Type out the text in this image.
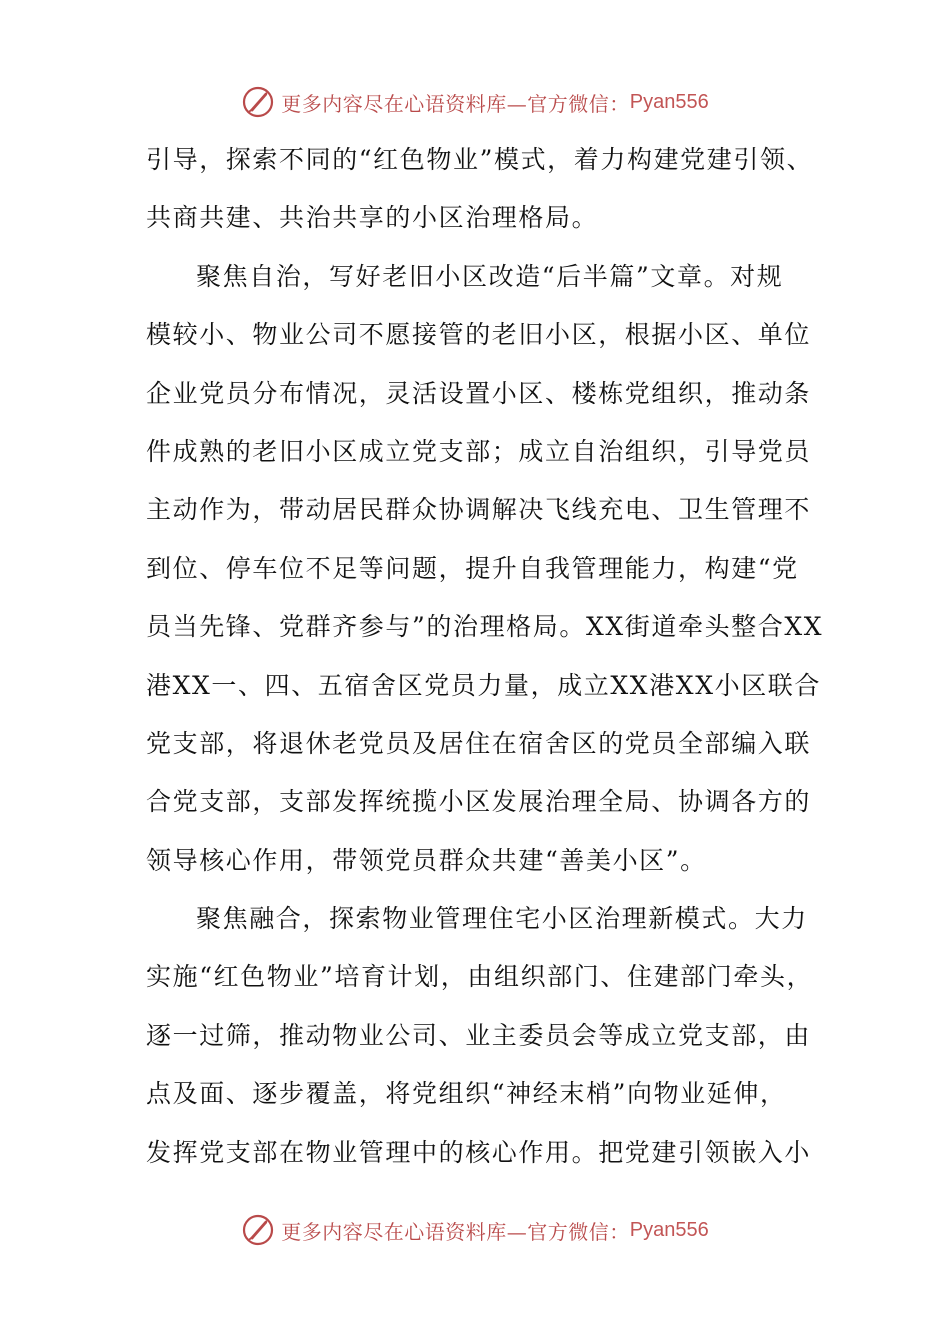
更多内容尽在心语资料库—官方微信： Pyan556
引导，探索不同的“红色物业”模式，着力构建党建引领、
共商共建、共治共享的小区治理格局。
聚焦自治，写好老旧小区改造“后半篇”文章。对规
模较小、物业公司不愿接管的老旧小区，根据小区、单位
企业党员分布情况，灵活设置小区、楼栋党组织，推动条
件成熟的老旧小区成立党支部；成立自治组织，引导党员
主动作为，带动居民群众协调解决飞线充电、卫生管理不
到位、停车位不足等问题，提升自我管理能力，构建“党
员当先锋、党群齐参与”的治理格局。XX街道牵头整合XX
港XX一、四、五宿舍区党员力量，成立XX港XX小区联合
党支部，将退休老党员及居住在宿舍区的党员全部编入联
合党支部，支部发挥统揽小区发展治理全局、协调各方的
领导核心作用，带领党员群众共建“善美小区”。
聚焦融合，探索物业管理住宅小区治理新模式。大力
实施“红色物业”培育计划，由组织部门、住建部门牵头，
逐一过筛，推动物业公司、业主委员会等成立党支部，由
点及面、逐步覆盖，将党组织“神经末梢”向物业延伸，
发挥党支部在物业管理中的核心作用。把党建引领嵌入小
更多内容尽在心语资料库—官方微信： Pyan556
